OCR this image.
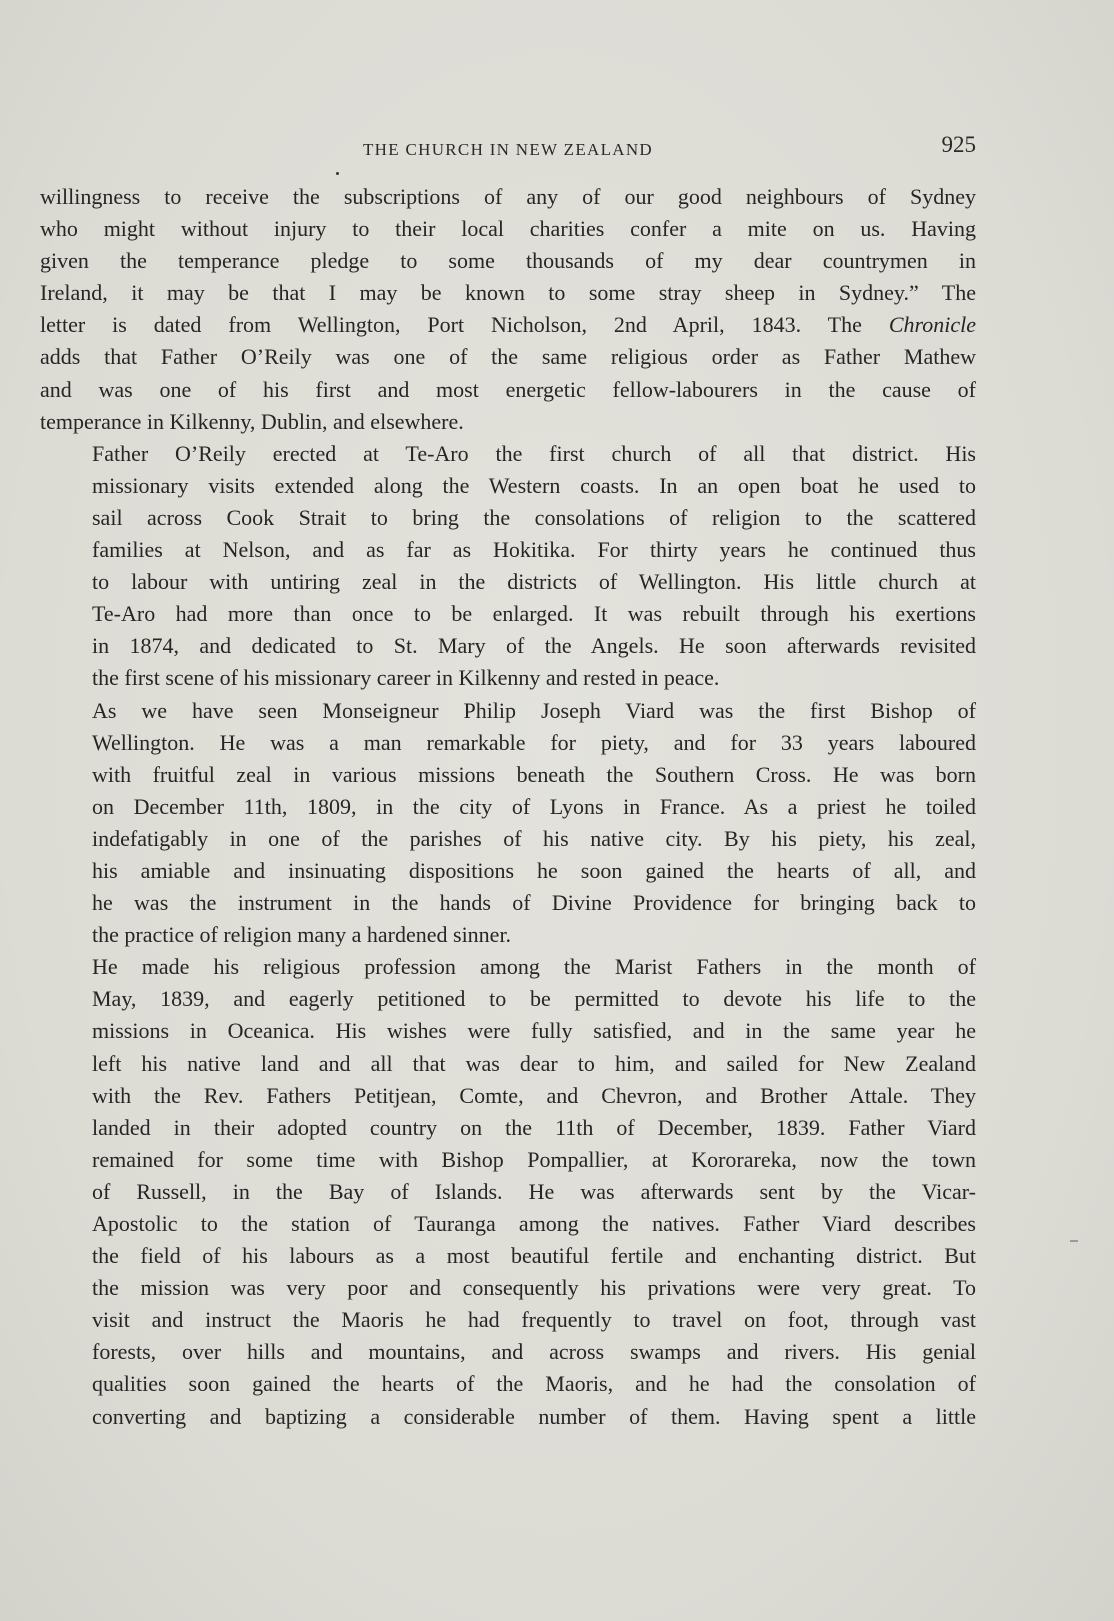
THE CHURCH IN NEW ZEALAND	925

willingness to receive the subscriptions of any of our good neighbours of Sydney
who might without injury to their local charities confer a mite on us. Having
given the temperance pledge to some thousands of my dear countrymen in
Ireland, it may be that I may be known to some stray sheep in Sydney.” The
letter is dated from Wellington, Port Nicholson, 2nd April, 1843. The Chronicle
adds that Father O’Reily was one of the same religious order as Father Mathew
and was one of his first and most energetic fellow-labourers in the cause of
temperance in Kilkenny, Dublin, and elsewhere.

Father O’Reily erected at Te-Aro the first church of all that district. His
missionary visits extended along the Western coasts. In an open boat he used to
sail across Cook Strait to bring the consolations of religion to the scattered
families at Nelson, and as far as Hokitika. For thirty years he continued thus
to labour with untiring zeal in the districts of Wellington. His little church at
Te-Aro had more than once to be enlarged. It was rebuilt through his exertions
in 1874, and dedicated to St. Mary of the Angels. He soon afterwards revisited
the first scene of his missionary career in Kilkenny and rested in peace.

As we have seen Monseigneur Philip Joseph Viard was the first Bishop of
Wellington. He was a man remarkable for piety, and for 33 years laboured
with fruitful zeal in various missions beneath the Southern Cross. He was born
on December 11th, 1809, in the city of Lyons in France. As a priest he toiled
indefatigably in one of the parishes of his native city. By his piety, his zeal,
his amiable and insinuating dispositions he soon gained the hearts of all, and
he was the instrument in the hands of Divine Providence for bringing back to
the practice of religion many a hardened sinner.

He made his religious profession among the Marist Fathers in the month of
May, 1839, and eagerly petitioned to be permitted to devote his life to the
missions in Oceanica. His wishes were fully satisfied, and in the same year he
left his native land and all that was dear to him, and sailed for New Zealand
with the Rev. Fathers Petitjean, Comte, and Chevron, and Brother Attale. They
landed in their adopted country on the 11th of December, 1839. Father Viard
remained for some time with Bishop Pompallier, at Kororareka, now the town
of Russell, in the Bay of Islands. He was afterwards sent by the Vicar-
Apostolic to the station of Tauranga among the natives. Father Viard describes
the field of his labours as a most beautiful fertile and enchanting district. But
the mission was very poor and consequently his privations were very great. To
visit and instruct the Maoris he had frequently to travel on foot, through vast
forests, over hills and mountains, and across swamps and rivers. His genial
qualities soon gained the hearts of the Maoris, and he had the consolation of
converting and baptizing a considerable number of them. Having spent a little
